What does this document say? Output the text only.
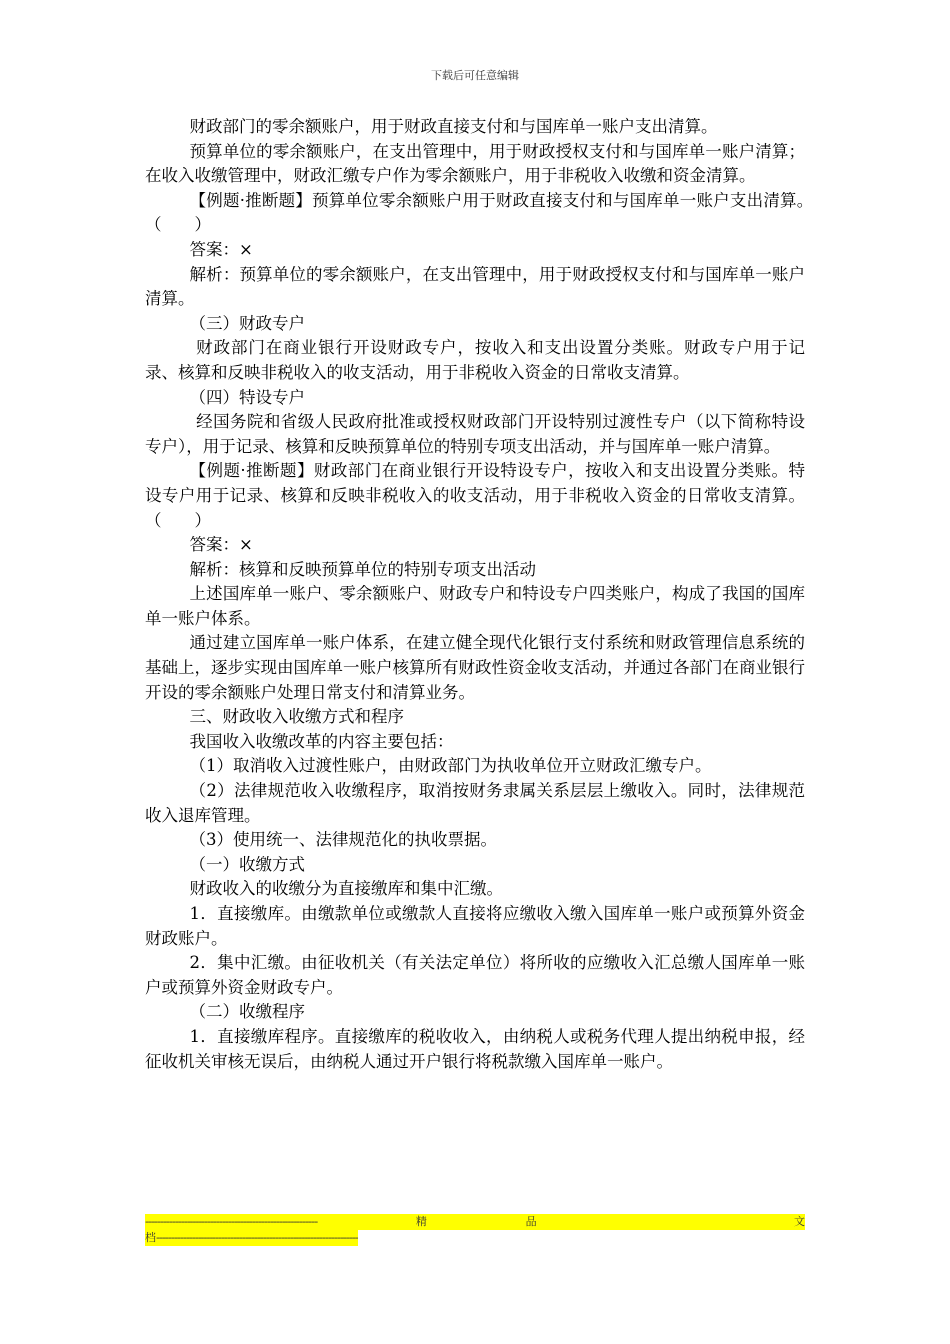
下载后可任意编辑

财政部门的零余额账户，用于财政直接支付和与国库单一账户支出清算。

预算单位的零余额账户，在支出管理中，用于财政授权支付和与国库单一账户清算；在收入收缴管理中，财政汇缴专户作为零余额账户，用于非税收入收缴和资金清算。

【例题·推断题】预算单位零余额账户用于财政直接支付和与国库单一账户支出清算。　　（　　）

答案：×

解析：预算单位的零余额账户，在支出管理中，用于财政授权支付和与国库单一账户清算。

（三）财政专户

财政部门在商业银行开设财政专户，按收入和支出设置分类账。财政专户用于记录、核算和反映非税收入的收支活动，用于非税收入资金的日常收支清算。

（四）特设专户

经国务院和省级人民政府批准或授权财政部门开设特别过渡性专户（以下简称特设专户），用于记录、核算和反映预算单位的特别专项支出活动，并与国库单一账户清算。

【例题·推断题】财政部门在商业银行开设特设专户，按收入和支出设置分类账。特设专户用于记录、核算和反映非税收入的收支活动，用于非税收入资金的日常收支清算。（　　）

答案：×

解析：核算和反映预算单位的特别专项支出活动

上述国库单一账户、零余额账户、财政专户和特设专户四类账户，构成了我国的国库单一账户体系。

通过建立国库单一账户体系，在建立健全现代化银行支付系统和财政管理信息系统的基础上，逐步实现由国库单一账户核算所有财政性资金收支活动，并通过各部门在商业银行开设的零余额账户处理日常支付和清算业务。

三、财政收入收缴方式和程序

我国收入收缴改革的内容主要包括：

（1）取消收入过渡性账户，由财政部门为执收单位开立财政汇缴专户。

（2）法律规范收入收缴程序，取消按财务隶属关系层层上缴收入。同时，法律规范收入退库管理。

（3）使用统一、法律规范化的执收票据。

（一）收缴方式

财政收入的收缴分为直接缴库和集中汇缴。

1．直接缴库。由缴款单位或缴款人直接将应缴收入缴入国库单一账户或预算外资金财政账户。

2．集中汇缴。由征收机关（有关法定单位）将所收的应缴收入汇总缴人国库单一账户或预算外资金财政专户。

（二）收缴程序

1．直接缴库程序。直接缴库的税收收入，由纳税人或税务代理人提出纳税申报，经征收机关审核无误后，由纳税人通过开户银行将税款缴入国库单一账户。

----------------------------------------------------------	精	品	文
档--------------------------------------------------------------------
